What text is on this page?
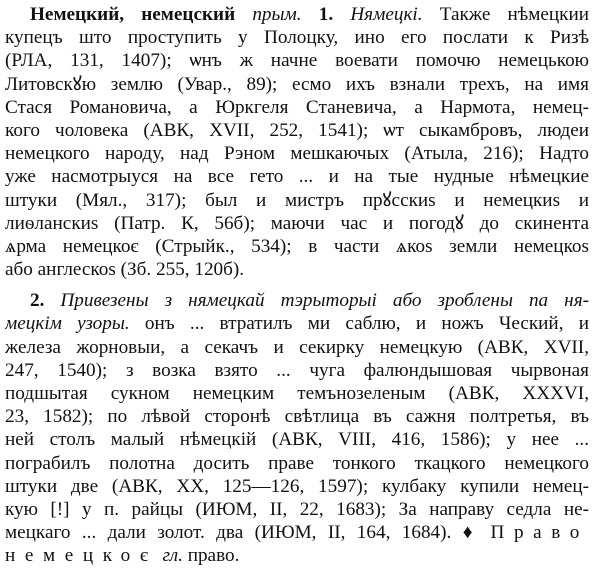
Немецкий, немецский прым. 1. Нямецкі. Также нѣмецкии
купецъ што проступить у Полоцку, ино его послати к Ризѣ
(РЛА, 131, 1407); ѡнъ ж начне воевати помочю немецькою
Литовскꙋю землю (Увар., 89); есмо ихъ взнали трехъ, на имя
Стася Романовича, а Юркгеля Станевича, а Нармота, немец-
кого чоловека (АВК, XVII, 252, 1541); ѡт сыкамбровъ, людеи
немецкого народу, над Рэном мешкаючых (Атыла, 216); Надто
уже насмотрыуся на все гето ... и на тые нудные нѣмецкие
штуки (Мял., 317); был и мистръ прꙋсскиѕ и немецкиѕ и
лиѳланскиѕ (Патр. К, 56б); маючи час и погодꙋ до скинента
ѧрма немецкоє (Стрыйк., 534); в части ѧкоѕ земли немецкоѕ
або англескоѕ (Зб. 255, 120б).
2. Привезены з нямецкай тэрыторыі або зроблены па ня-
мецкім узоры. онъ ... втратилъ ми саблю, и ножъ Ческий, и
железа жорновыи, а секачъ и секирку немецкую (АВК, XVII,
247, 1540); з возка взято ... чуга фалюндышовая чырвоная
подшытая сукном немецким темънозеленым (АВК, XXXVI,
23, 1582); по лѣвой сторонѣ свѣтлица въ сажня полтретья, въ
ней столъ малый нѣмецкій (АВК, VIII, 416, 1586); у нее ...
пограбилъ полотна досить праве тонкого ткацкого немецкого
штуки две (АВК, XX, 125—126, 1597); кулбаку купили немец-
кую [!] у п. райцы (ИЮМ, II, 22, 1683); За направу седла не-
мецкаго ... дали золот. два (ИЮМ, II, 164, 1684). ♦ Право
немецкоє гл. право.
